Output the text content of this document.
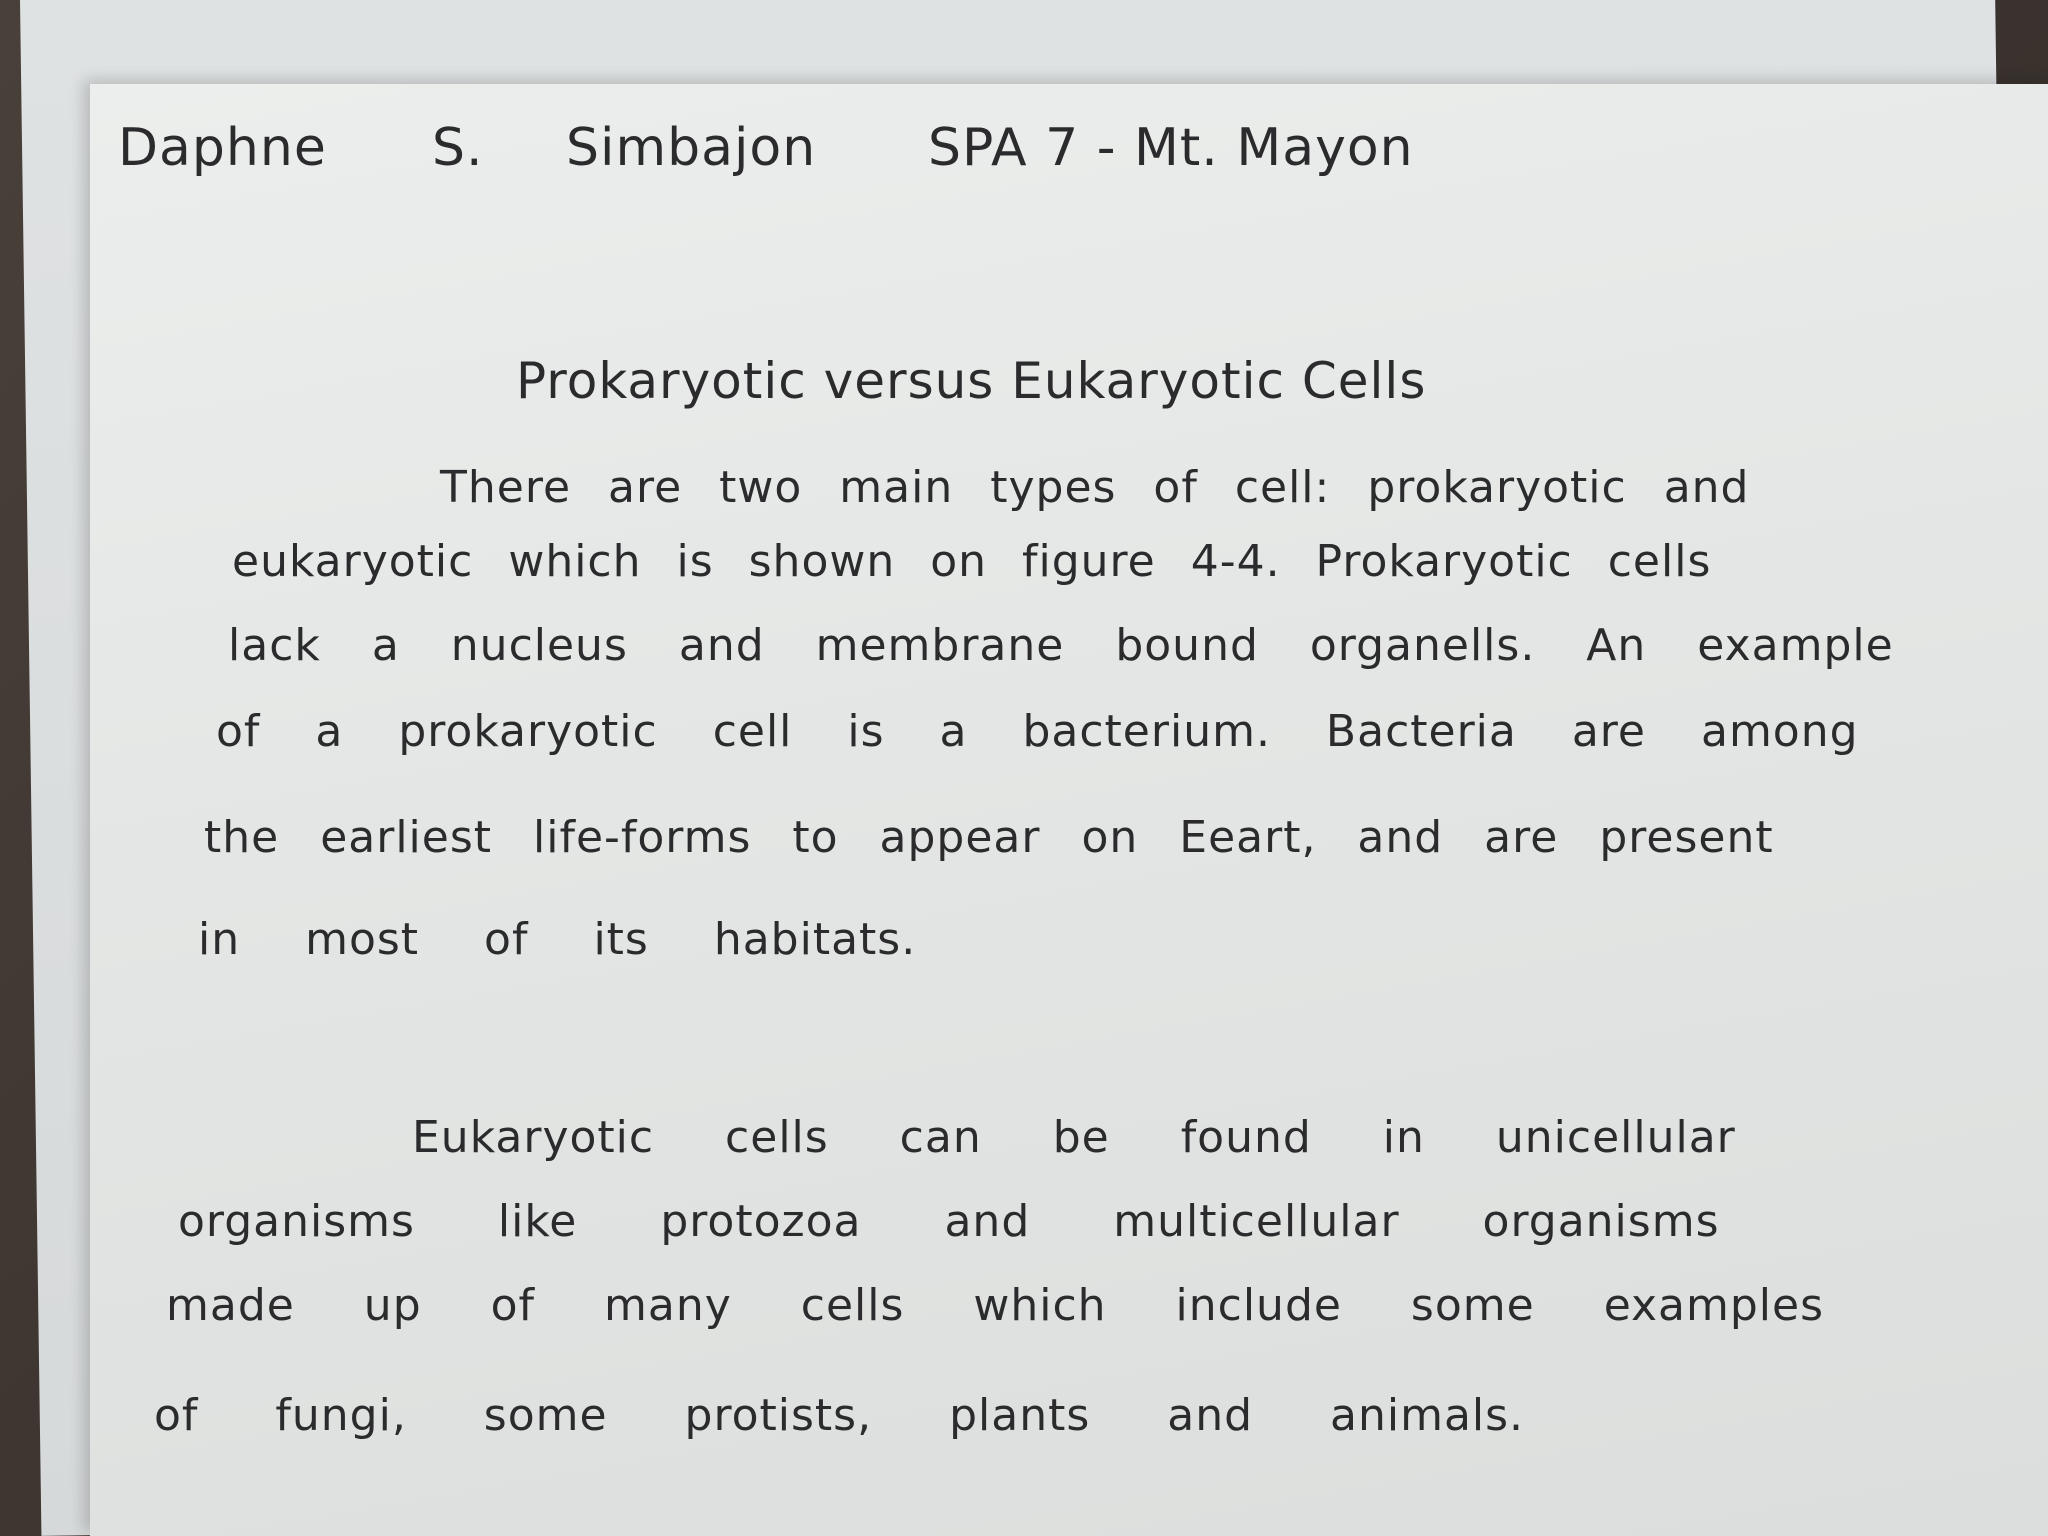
Daphne S. Simbajon SPA 7 - Mt. Mayon
Prokaryotic versus Eukaryotic Cells
There are two main types of cell: prokaryotic and
eukaryotic which is shown on figure 4-4. Prokaryotic cells
lack a nucleus and membrane bound organells. An example
of a prokaryotic cell is a bacterium. Bacteria are among
the earliest life-forms to appear on Eeart, and are present
in most of its habitats.
Eukaryotic cells can be found in unicellular
organisms like protozoa and multicellular organisms
made up of many cells which include some examples
of fungi, some protists, plants and animals.
